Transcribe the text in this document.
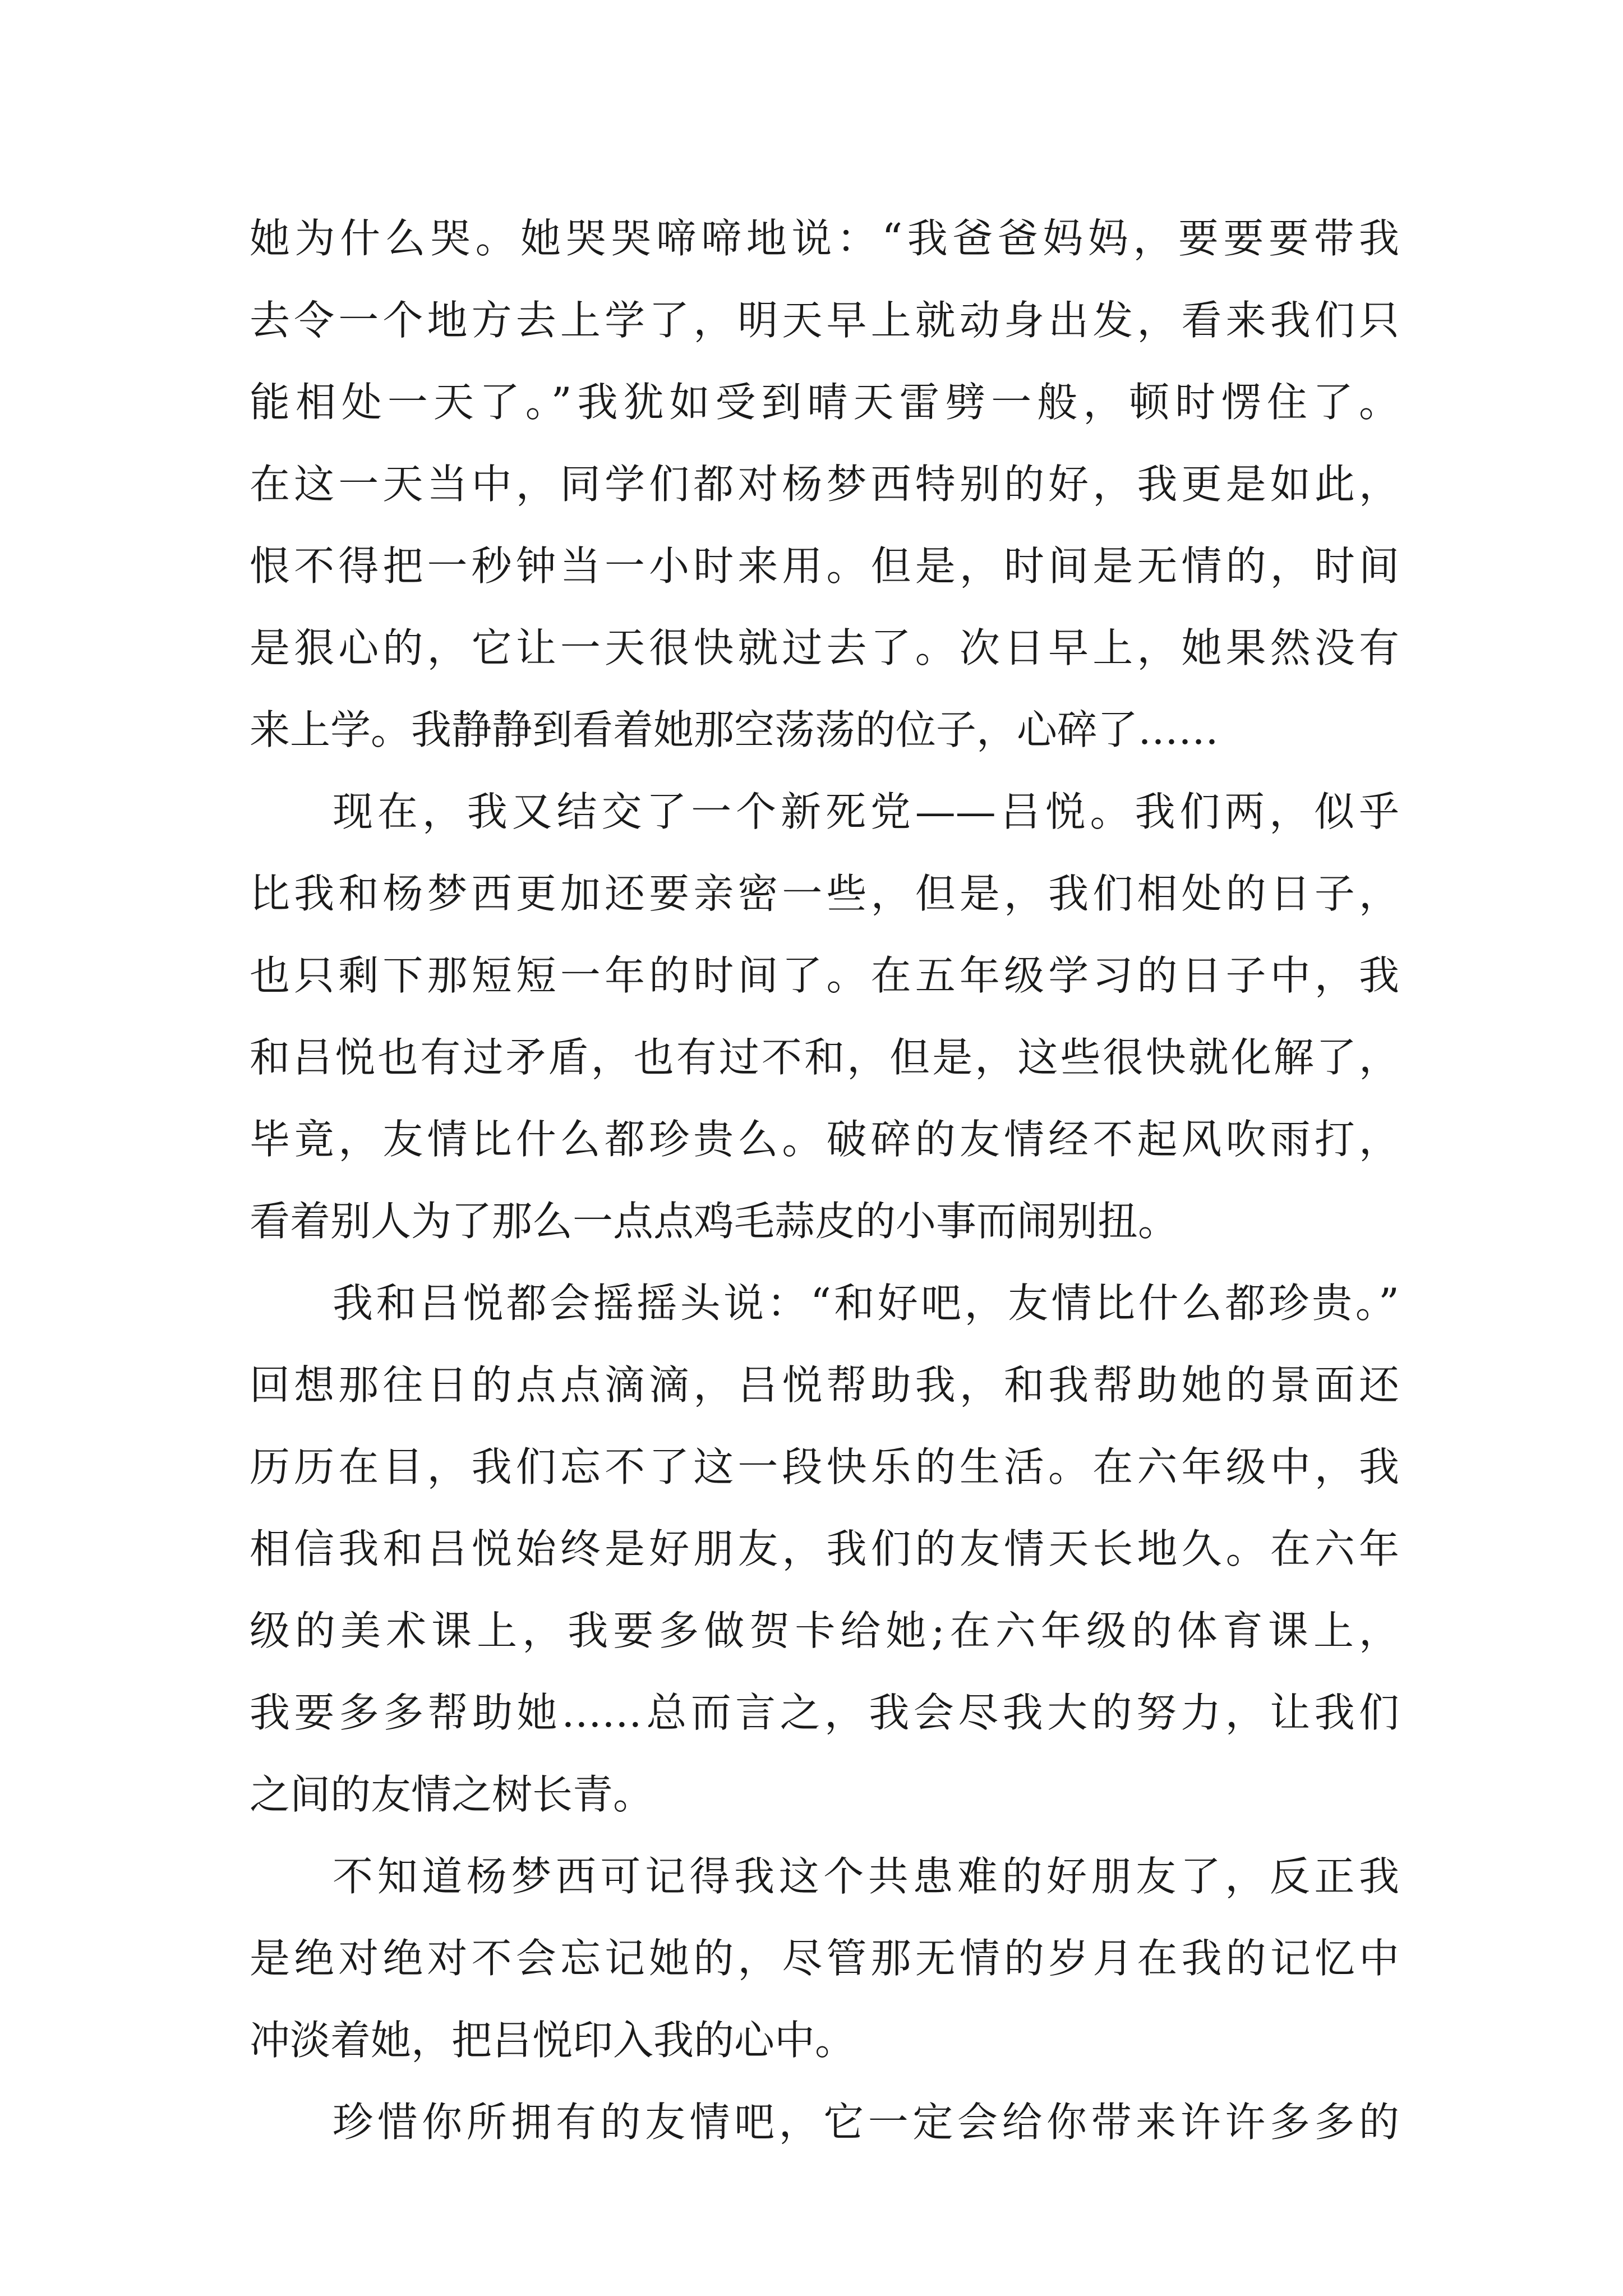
她为什么哭。她哭哭啼啼地说：“我爸爸妈妈，要要要带我
去令一个地方去上学了，明天早上就动身出发，看来我们只
能相处一天了。”我犹如受到晴天雷劈一般，顿时愣住了。
在这一天当中，同学们都对杨梦西特别的好，我更是如此，
恨不得把一秒钟当一小时来用。但是，时间是无情的，时间
是狠心的，它让一天很快就过去了。次日早上，她果然没有
来上学。我静静到看着她那空荡荡的位子，心碎了……
现在，我又结交了一个新死党——吕悦。我们两，似乎
比我和杨梦西更加还要亲密一些，但是，我们相处的日子，
也只剩下那短短一年的时间了。在五年级学习的日子中，我
和吕悦也有过矛盾，也有过不和，但是，这些很快就化解了，
毕竟，友情比什么都珍贵么。破碎的友情经不起风吹雨打，
看着别人为了那么一点点鸡毛蒜皮的小事而闹别扭。
我和吕悦都会摇摇头说：“和好吧，友情比什么都珍贵。”
回想那往日的点点滴滴，吕悦帮助我，和我帮助她的景面还
历历在目，我们忘不了这一段快乐的生活。在六年级中，我
相信我和吕悦始终是好朋友，我们的友情天长地久。在六年
级的美术课上，我要多做贺卡给她;在六年级的体育课上，
我要多多帮助她……总而言之，我会尽我大的努力，让我们
之间的友情之树长青。
不知道杨梦西可记得我这个共患难的好朋友了，反正我
是绝对绝对不会忘记她的，尽管那无情的岁月在我的记忆中
冲淡着她，把吕悦印入我的心中。
珍惜你所拥有的友情吧，它一定会给你带来许许多多的
